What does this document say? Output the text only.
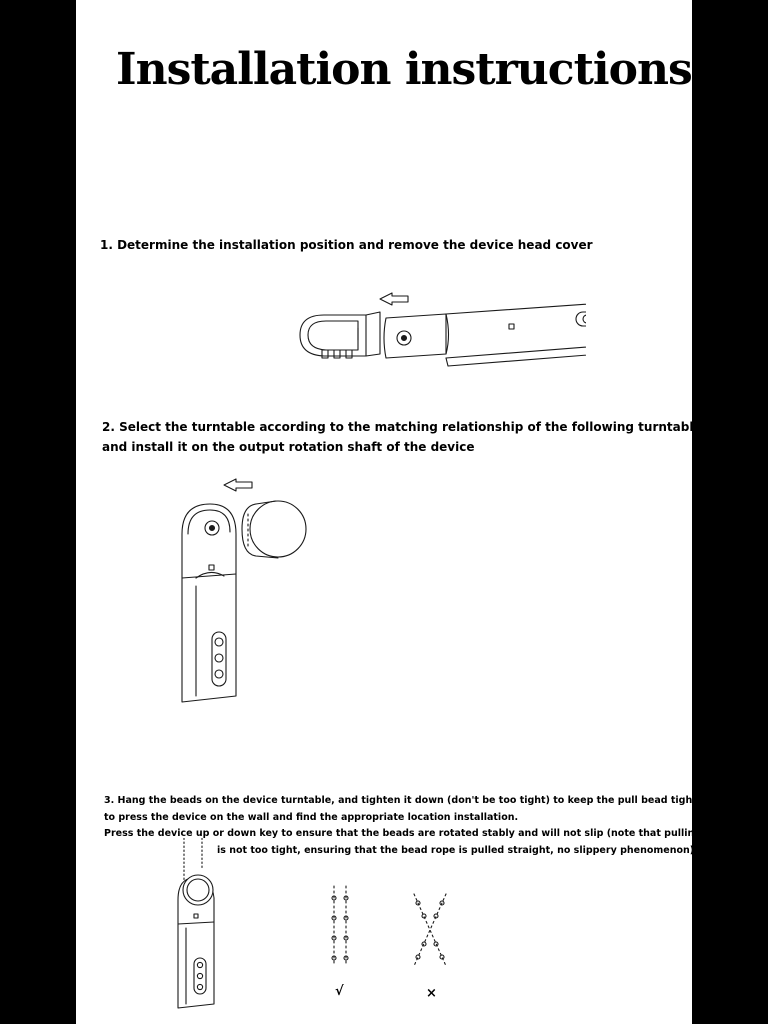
Installation instructions
1. Determine the installation position and remove the device head cover
2. Select the turntable according to the matching relationship of the following turntable-La Zhu,
and install it on the output rotation shaft of the device
3. Hang the beads on the device turntable, and tighten it down (don't be too tight) to keep the pull bead tightened
to press the device on the wall and find the appropriate location installation.
Press the device up or down key to ensure that the beads are rotated stably and will not slip (note that pulling beads
is not too tight, ensuring that the bead rope is pulled straight, no slippery phenomenon)
√	×
